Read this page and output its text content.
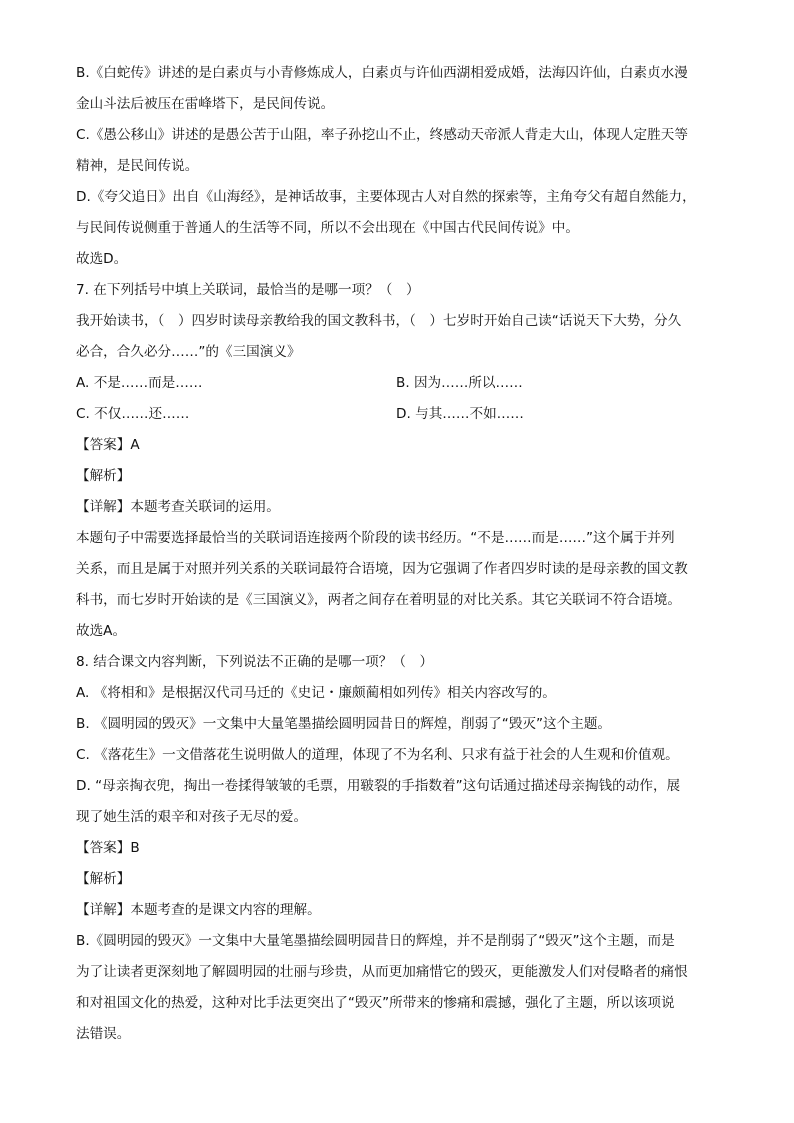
B.《白蛇传》讲述的是白素贞与小青修炼成人，白素贞与许仙西湖相爱成婚，法海囚许仙，白素贞水漫
金山斗法后被压在雷峰塔下，是民间传说。
C.《愚公移山》讲述的是愚公苦于山阻，率子孙挖山不止，终感动天帝派人背走大山，体现人定胜天等
精神，是民间传说。
D.《夸父追日》出自《山海经》，是神话故事，主要体现古人对自然的探索等，主角夸父有超自然能力，
与民间传说侧重于普通人的生活等不同，所以不会出现在《中国古代民间传说》中。
故选D。
7. 在下列括号中填上关联词，最恰当的是哪一项？（　）
我开始读书，（　）四岁时读母亲教给我的国文教科书，（　）七岁时开始自己读“话说天下大势，分久
必合，合久必分……”的《三国演义》
A. 不是……而是……	B. 因为……所以……
C. 不仅……还……	D. 与其……不如……
【答案】A
【解析】
【详解】本题考查关联词的运用。
本题句子中需要选择最恰当的关联词语连接两个阶段的读书经历。“不是……而是……”这个属于并列
关系，而且是属于对照并列关系的关联词最符合语境，因为它强调了作者四岁时读的是母亲教的国文教
科书，而七岁时开始读的是《三国演义》，两者之间存在着明显的对比关系。其它关联词不符合语境。
故选A。
8. 结合课文内容判断，下列说法不正确的是哪一项？（　）
A. 《将相和》是根据汉代司马迁的《史记・廉颇蔺相如列传》相关内容改写的。
B. 《圆明园的毁灭》一文集中大量笔墨描绘圆明园昔日的辉煌，削弱了“毁灭”这个主题。
C. 《落花生》一文借落花生说明做人的道理，体现了不为名利、只求有益于社会的人生观和价值观。
D. “母亲掏衣兜，掏出一卷揉得皱皱的毛票，用皲裂的手指数着”这句话通过描述母亲掏钱的动作，展
现了她生活的艰辛和对孩子无尽的爱。
【答案】B
【解析】
【详解】本题考查的是课文内容的理解。
B.《圆明园的毁灭》一文集中大量笔墨描绘圆明园昔日的辉煌，并不是削弱了“毁灭”这个主题，而是
为了让读者更深刻地了解圆明园的壮丽与珍贵，从而更加痛惜它的毁灭，更能激发人们对侵略者的痛恨
和对祖国文化的热爱，这种对比手法更突出了“毁灭”所带来的惨痛和震撼，强化了主题，所以该项说
法错误。
